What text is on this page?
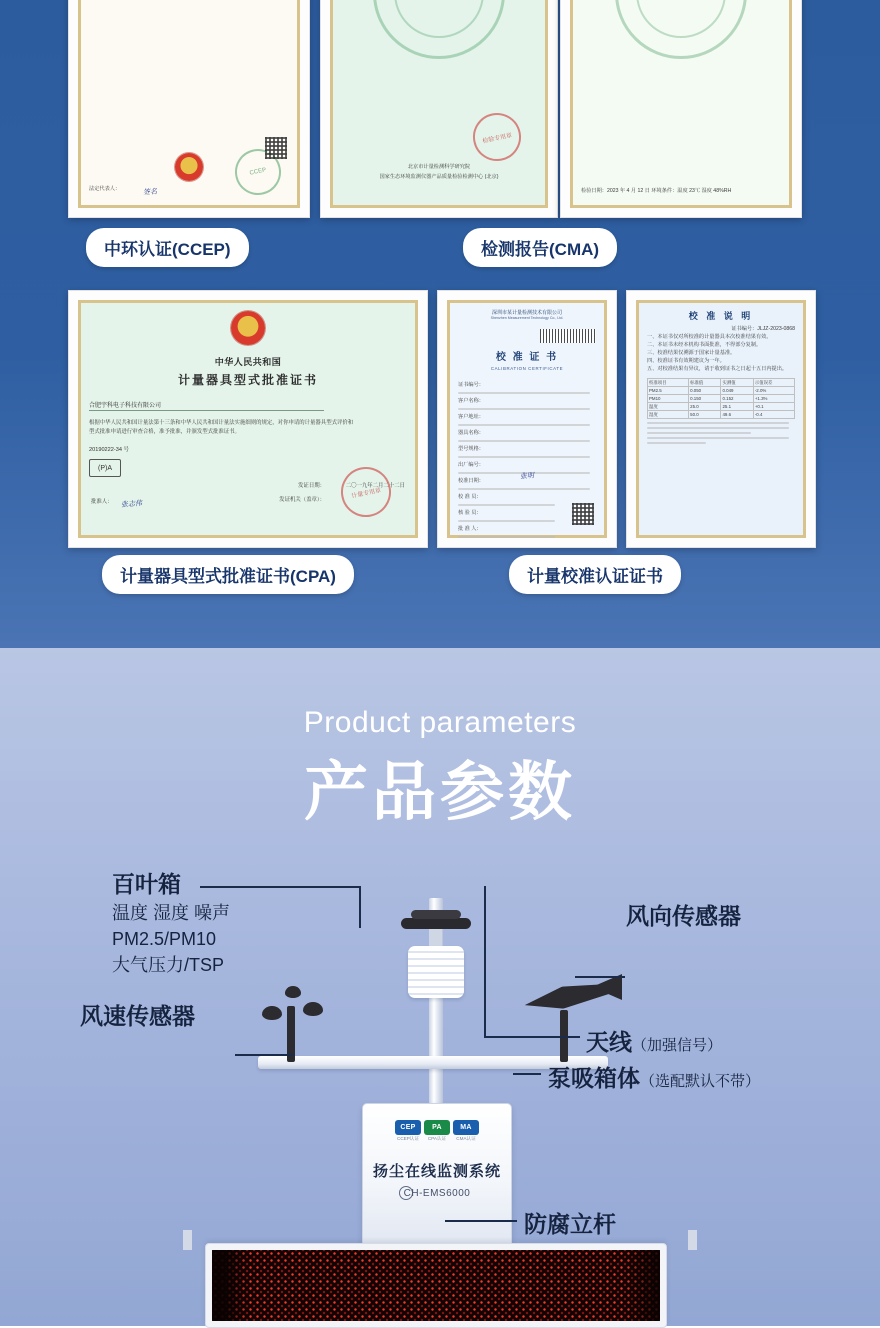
CCEP
法定代表人：	签名
北京市计量检测科学研究院
国家生态环境监测仪器产品质量检验检测中心 (北京)
检验专用章

检验日期：2023 年 4 月 12 日 环境条件：温度 23℃ 湿度 48%RH
中环认证(CCEP)	检测报告(CMA)
中华人民共和国
计量器具型式批准证书
合肥宇科电子科技有限公司
根据中华人民共和国计量法第十三条和中华人民共和国计量法实施细则的规定，对你申请的计量器具型式评价和型式批准申请进行审查合格，准予批准，并颁发型式批准证书。
20190222-34 号
(P)A
发证日期：	二〇一九年二月二十二日
发证机关（盖章）：
计量专用章
批准人： 张志伟
深圳市某计量检测技术有限公司
Shenzhen Measurement Technology Co., Ltd.
校 准 证 书
CALIBRATION CERTIFICATE
证书编号：
客户名称：
客户地址：
器具名称：
型号规格：
出厂编号：
校准日期：
校 准 员：
核 验 员：
批 准 人：
张明
校 准 说 明
证书编号：JLJZ-2023-0868
一、本证书仅对所校准的计量器具本次校准结果有效。
二、本证书未经本机构书面批准，不得部分复制。
三、校准结果仅溯源于国家计量基准。
四、校准证书有效期建议为一年。
五、对校准结果有异议，请于收到证书之日起十五日内提出。
校准项目	标准值	实测值	示值误差
PM2.5	0.050	0.049	-2.0%
PM10	0.150	0.152	+1.3%
温度	25.0	25.1	+0.1
湿度	50.0	49.6	-0.4
计量器具型式批准证书(CPA)	计量校准认证证书
Product parameters
产品参数
CEP	PA	MA
CCEP认证	CPA认证	CMA认证
扬尘在线监测系统
CH-EMS6000
百叶箱
温度 湿度 噪声
PM2.5/PM10
大气压力/TSP
风速传感器
风向传感器
天线（加强信号）
泵吸箱体（选配默认不带）
防腐立杆
